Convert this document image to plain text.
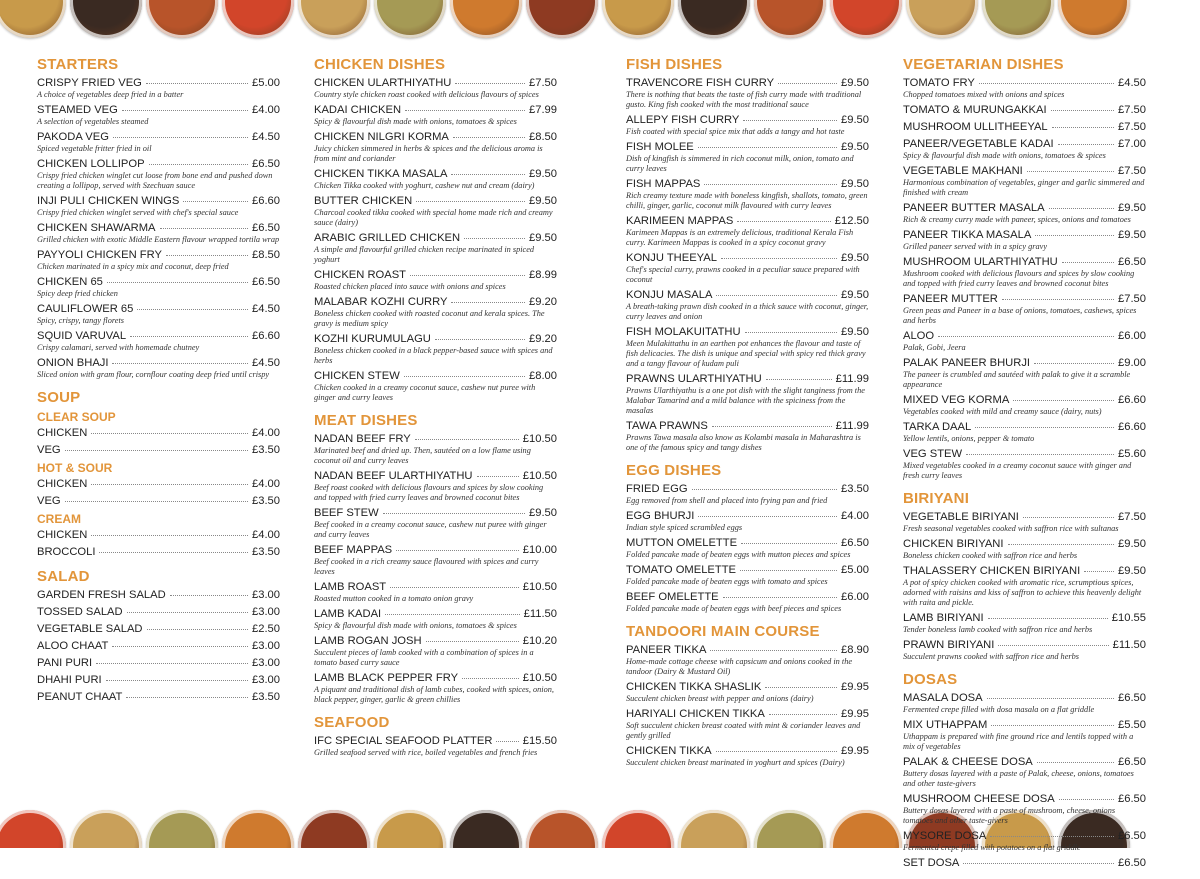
STARTERS
CRISPY FRIED VEG	£5.00
A choice of vegetables deep fried in a batter
STEAMED VEG	£4.00
A selection of vegetables steamed
PAKODA VEG	£4.50
Spiced vegetable fritter fried in oil
CHICKEN LOLLIPOP	£6.50
Crispy fried chicken winglet cut loose from bone end and pushed down creating a lollipop, served with Szechuan sauce
INJI PULI CHICKEN WINGS	£6.60
Crispy fried chicken winglet served with chef's special sauce
CHICKEN SHAWARMA	£6.50
Grilled chicken with exotic Middle Eastern flavour wrapped tortila wrap
PAYYOLI CHICKEN FRY	£8.50
Chicken marinated in a spicy mix and coconut, deep fried
CHICKEN 65	£6.50
Spicy deep fried chicken
CAULIFLOWER 65	£4.50
Spicy, crispy, tangy florets
SQUID VARUVAL	£6.60
Crispy calamari, served with homemade chutney
ONION BHAJI	£4.50
Sliced onion with gram flour, cornflour coating deep fried until crispy
SOUP
CLEAR SOUP
CHICKEN	£4.00
VEG	£3.50
HOT & SOUR
CHICKEN	£4.00
VEG	£3.50
CREAM
CHICKEN	£4.00
BROCCOLI	£3.50
SALAD
GARDEN FRESH SALAD	£3.00
TOSSED SALAD	£3.00
VEGETABLE SALAD	£2.50
ALOO CHAAT	£3.00
PANI PURI	£3.00
DHAHI PURI	£3.00
PEANUT CHAAT	£3.50
CHICKEN DISHES
CHICKEN ULARTHIYATHU	£7.50
Country style chicken roast cooked with delicious flavours of spices
KADAI CHICKEN	£7.99
Spicy & flavourful dish made with onions, tomatoes & spices
CHICKEN NILGRI KORMA	£8.50
Juicy chicken simmered in herbs & spices and the delicious aroma is from mint and coriander
CHICKEN TIKKA MASALA	£9.50
Chicken Tikka cooked with yoghurt, cashew nut and cream (dairy)
BUTTER CHICKEN	£9.50
Charcoal cooked tikka cooked with special home made rich and creamy sauce (dairy)
ARABIC GRILLED CHICKEN	£9.50
A simple and flavourful grilled chicken recipe marinated in spiced yoghurt
CHICKEN ROAST	£8.99
Roasted chicken placed into sauce with onions and spices
MALABAR KOZHI CURRY	£9.20
Boneless chicken cooked with roasted coconut and kerala spices. The gravy is medium spicy
KOZHI KURUMULAGU	£9.20
Boneless chicken cooked in a black pepper-based sauce with spices and herbs
CHICKEN STEW	£8.00
Chicken cooked in a creamy coconut sauce, cashew nut puree with ginger and curry leaves
MEAT DISHES
NADAN BEEF FRY	£10.50
Marinated beef and dried up. Then, sautéed on a low flame using coconut oil and curry leaves
NADAN BEEF ULARTHIYATHU	£10.50
Beef roast cooked with delicious flavours and spices by slow cooking and topped with fried curry leaves and browned coconut bites
BEEF STEW	£9.50
Beef cooked in a creamy coconut sauce, cashew nut puree with ginger and curry leaves
BEEF MAPPAS	£10.00
Beef cooked in a rich creamy sauce flavoured with spices and curry leaves
LAMB ROAST	£10.50
Roasted mutton cooked in a tomato onion gravy
LAMB KADAI	£11.50
Spicy & flavourful dish made with onions, tomatoes & spices
LAMB ROGAN JOSH	£10.20
Succulent pieces of lamb cooked with a combination of spices in a tomato based curry sauce
LAMB BLACK PEPPER FRY	£10.50
A piquant and traditional dish of lamb cubes, cooked with spices, onion, black pepper, ginger, garlic & green chillies
SEAFOOD
IFC SPECIAL SEAFOOD PLATTER	£15.50
Grilled seafood served with rice, boiled vegetables and french fries
FISH DISHES
TRAVENCORE FISH CURRY	£9.50
There is nothing that beats the taste of fish curry made with traditional gusto. King fish cooked with the most traditional sauce
ALLEPY FISH CURRY	£9.50
Fish coated with special spice mix that adds a tangy and hot taste
FISH MOLEE	£9.50
Dish of kingfish is simmered in rich coconut milk, onion, tomato and curry leaves
FISH MAPPAS	£9.50
Rich creamy texture made with boneless kingfish, shallots, tomato, green chilli, ginger, garlic, coconut milk flavoured with curry leaves
KARIMEEN MAPPAS	£12.50
Karimeen Mappas is an extremely delicious, traditional Kerala Fish curry. Karimeen Mappas is cooked in a spicy coconut gravy
KONJU THEEYAL	£9.50
Chef's special curry, prawns cooked in a peculiar sauce prepared with coconut
KONJU MASALA	£9.50
A breath-taking prawn dish cooked in a thick sauce with coconut, ginger, curry leaves and onion
FISH MOLAKUITATHU	£9.50
Meen Mulakittathu in an earthen pot enhances the flavour and taste of fish delicacies. The dish is unique and special with spicy red thick gravy and a tangy flavour of kudam puli
PRAWNS ULARTHIYATHU	£11.99
Prawns Ularthiyathu is a one pot dish with the slight tanginess from the Malabar Tamarind and a mild balance with the spiciness from the masalas
TAWA PRAWNS	£11.99
Prawns Tawa masala also know as Kolambi masala in Maharashtra is one of the famous spicy and tangy dishes
EGG DISHES
FRIED EGG	£3.50
Egg removed from shell and placed into frying pan and fried
EGG BHURJI	£4.00
Indian style spiced scrambled eggs
MUTTON OMELETTE	£6.50
Folded pancake made of beaten eggs with mutton pieces and spices
TOMATO OMELETTE	£5.00
Folded pancake made of beaten eggs with tomato and spices
BEEF OMELETTE	£6.00
Folded pancake made of beaten eggs with beef pieces and spices
TANDOORI MAIN COURSE
PANEER TIKKA	£8.90
Home-made cottage cheese with capsicum and onions cooked in the tandoor (Dairy & Mustard Oil)
CHICKEN TIKKA SHASLIK	£9.95
Succulent chicken breast with pepper and onions (dairy)
HARIYALI CHICKEN TIKKA	£9.95
Soft succulent chicken breast coated with mint & coriander leaves and gently grilled
CHICKEN TIKKA	£9.95
Succulent chicken breast marinated in yoghurt and spices (Dairy)
VEGETARIAN DISHES
TOMATO FRY	£4.50
Chopped tomatoes mixed with onions and spices
TOMATO & MURUNGAKKAI	£7.50
MUSHROOM ULLITHEEYAL	£7.50
PANEER/VEGETABLE KADAI	£7.00
Spicy & flavourful dish made with onions, tomatoes & spices
VEGETABLE MAKHANI	£7.50
Harmonious combination of vegetables, ginger and garlic simmered and finished with cream
PANEER BUTTER MASALA	£9.50
Rich & creamy curry made with paneer, spices, onions and tomatoes
PANEER TIKKA MASALA	£9.50
Grilled paneer served with in a spicy gravy
MUSHROOM ULARTHIYATHU	£6.50
Mushroom cooked with delicious flavours and spices by slow cooking and topped with fried curry leaves and browned coconut bites
PANEER MUTTER	£7.50
Green peas and Paneer in a base of onions, tomatoes, cashews, spices and herbs
ALOO	£6.00
Palak, Gobi, Jeera
PALAK PANEER BHURJI	£9.00
The paneer is crumbled and sautéed with palak to give it a scramble appearance
MIXED VEG KORMA	£6.60
Vegetables cooked with mild and creamy sauce (dairy, nuts)
TARKA DAAL	£6.60
Yellow lentils, onions, pepper & tomato
VEG STEW	£5.60
Mixed vegetables cooked in a creamy coconut sauce with ginger and fresh curry leaves
BIRIYANI
VEGETABLE BIRIYANI	£7.50
Fresh seasonal vegetables cooked with saffron rice with sultanas
CHICKEN BIRIYANI	£9.50
Boneless chicken cooked with saffron rice and herbs
THALASSERY CHICKEN BIRIYANI	£9.50
A pot of spicy chicken cooked with aromatic rice, scrumptious spices, adorned with raisins and kiss of saffron to achieve this heavenly delight with raita and pickle.
LAMB BIRIYANI	£10.55
Tender boneless lamb cooked with saffron rice and herbs
PRAWN BIRIYANI	£11.50
Succulent prawns cooked with saffron rice and herbs
DOSAS
MASALA DOSA	£6.50
Fermented crepe filled with dosa masala on a flat griddle
MIX UTHAPPAM	£5.50
Uthappam is prepared with fine ground rice and lentils topped with a mix of vegetables
PALAK & CHEESE DOSA	£6.50
Buttery dosas layered with a paste of Palak, cheese, onions, tomatoes and other taste-givers
MUSHROOM CHEESE DOSA	£6.50
Buttery dosas layered with a paste of mushroom, cheese, onions tomatoes and other taste-givers
MYSORE DOSA	£6.50
Fermented crepe filled with potatoes on a flat griddle
SET DOSA	£6.50
